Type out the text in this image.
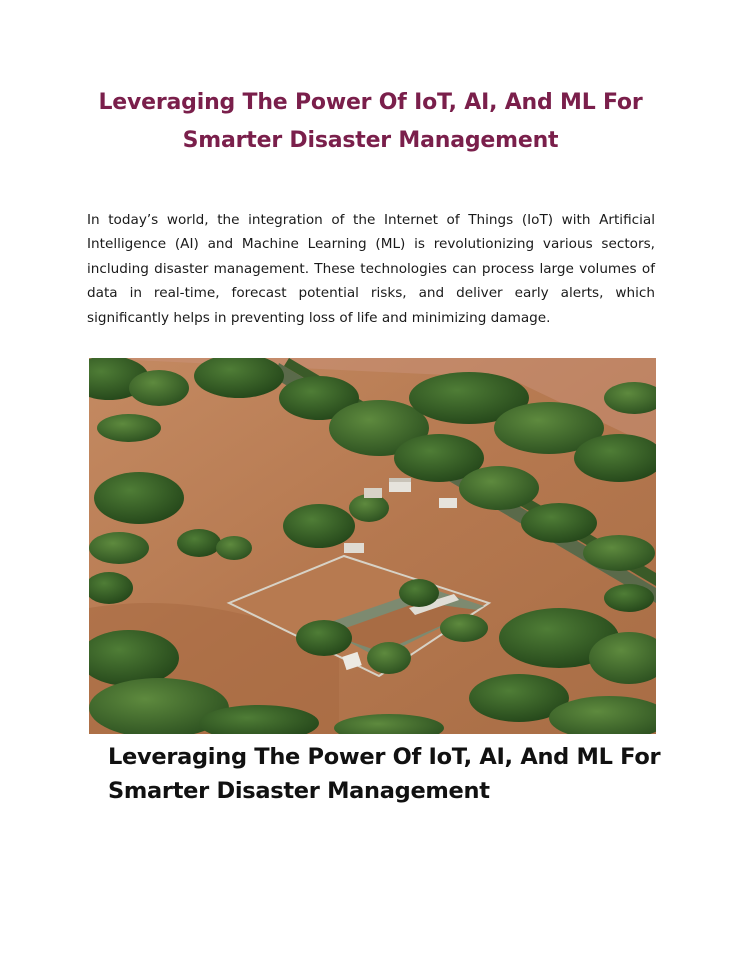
Leveraging The Power Of IoT, AI, And ML For Smarter Disaster Management

In today’s world, the integration of the Internet of Things (IoT) with Artificial Intelligence (AI) and Machine Learning (ML) is revolutionizing various sectors, including disaster management. These technologies can process large volumes of data in real-time, forecast potential risks, and deliver early alerts, which significantly helps in preventing loss of life and minimizing damage.

Leveraging The Power Of IoT, AI, And ML For Smarter Disaster Management
